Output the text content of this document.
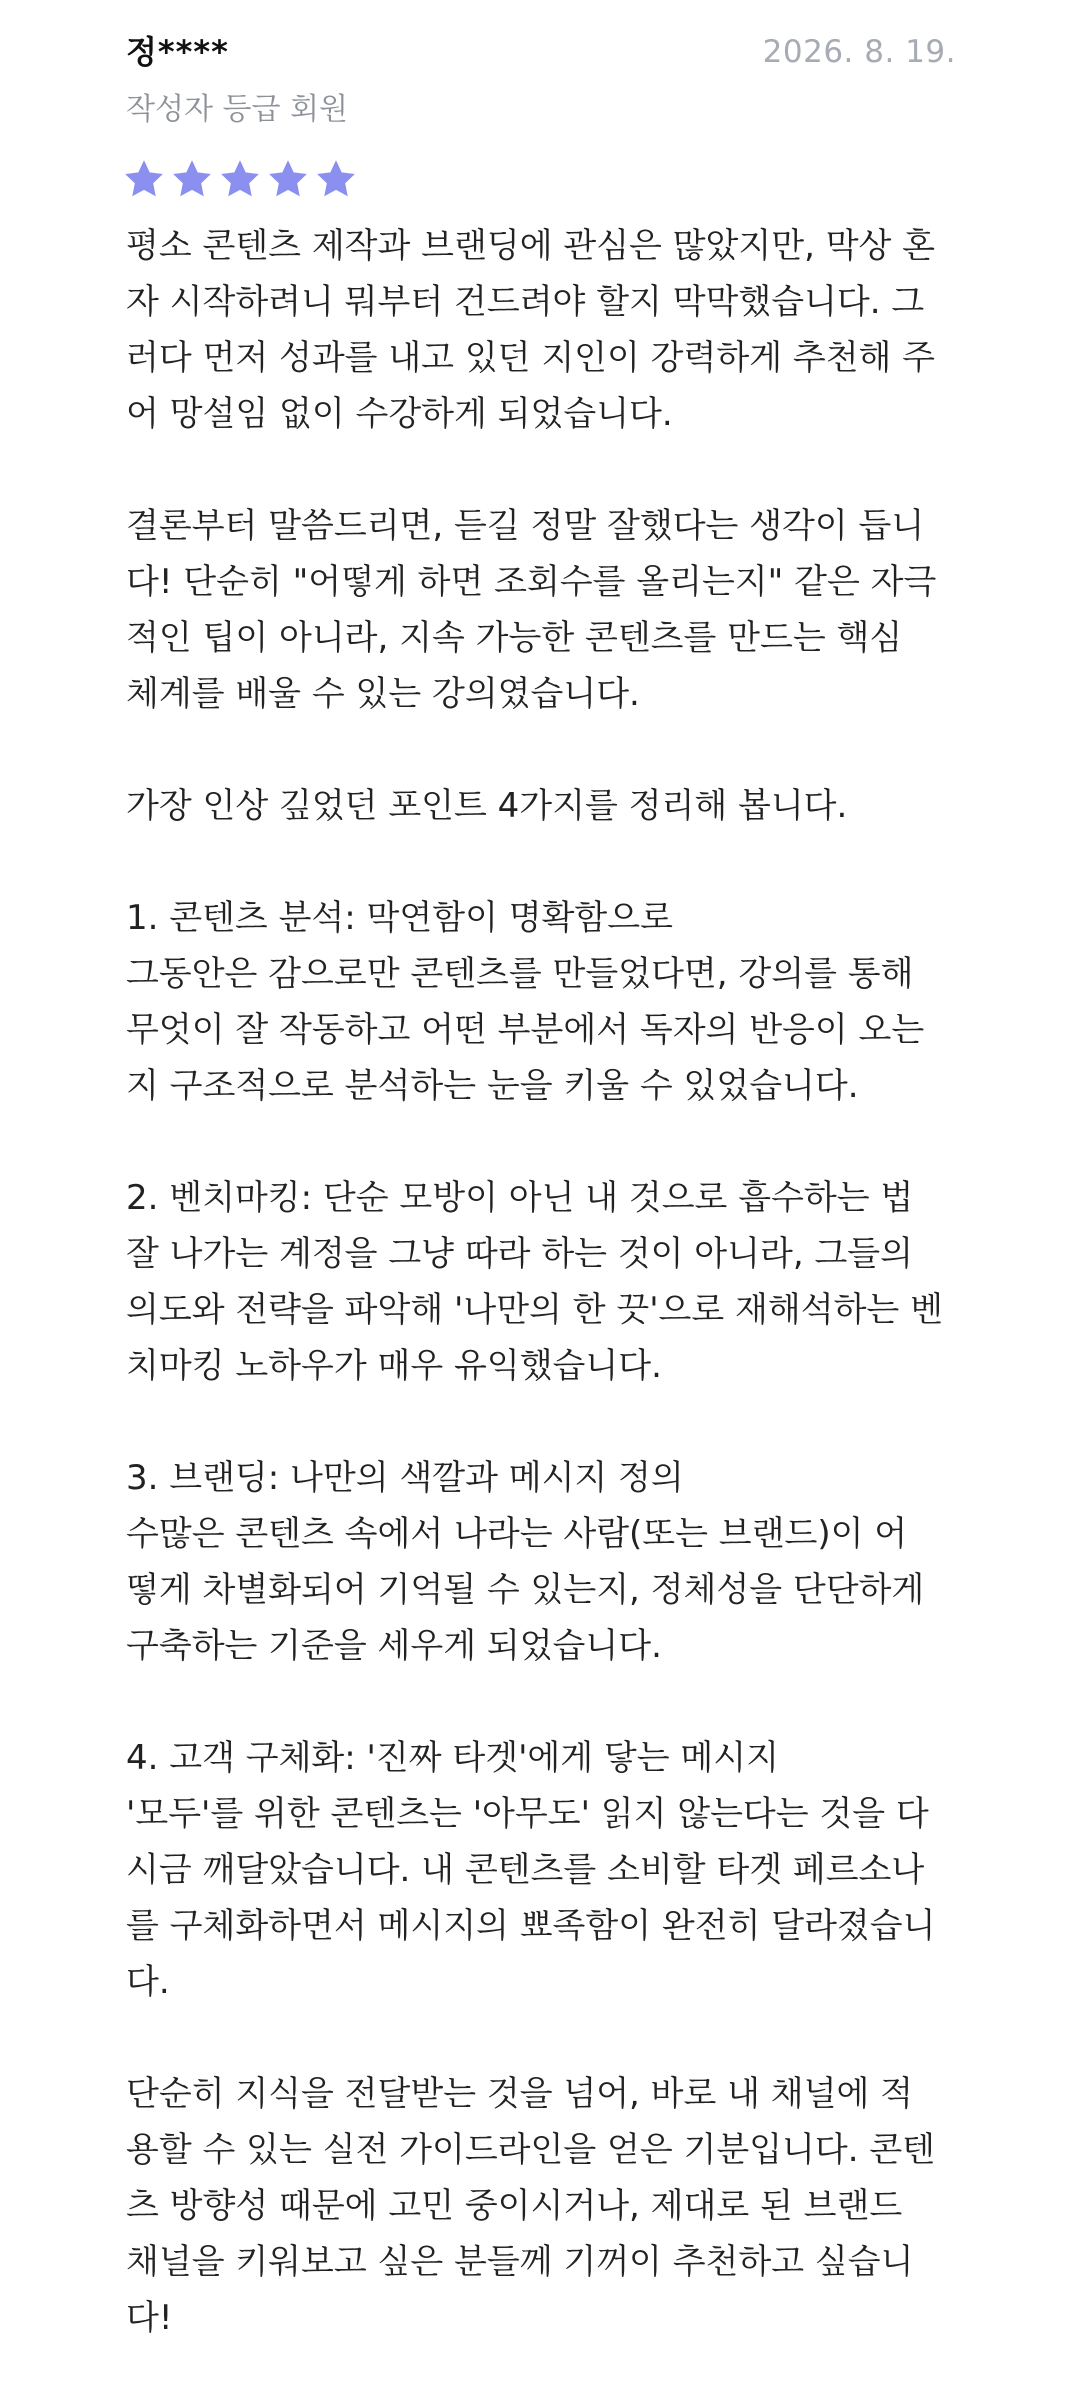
정****	2026. 8. 19.
작성자 등급 회원
평소 콘텐츠 제작과 브랜딩에 관심은 많았지만, 막상 혼
자 시작하려니 뭐부터 건드려야 할지 막막했습니다. 그
러다 먼저 성과를 내고 있던 지인이 강력하게 추천해 주
어 망설임 없이 수강하게 되었습니다.
결론부터 말씀드리면, 듣길 정말 잘했다는 생각이 듭니
다! 단순히 "어떻게 하면 조회수를 올리는지" 같은 자극
적인 팁이 아니라, 지속 가능한 콘텐츠를 만드는 핵심
체계를 배울 수 있는 강의였습니다.
가장 인상 깊었던 포인트 4가지를 정리해 봅니다.
1. 콘텐츠 분석: 막연함이 명확함으로
그동안은 감으로만 콘텐츠를 만들었다면, 강의를 통해
무엇이 잘 작동하고 어떤 부분에서 독자의 반응이 오는
지 구조적으로 분석하는 눈을 키울 수 있었습니다.
2. 벤치마킹: 단순 모방이 아닌 내 것으로 흡수하는 법
잘 나가는 계정을 그냥 따라 하는 것이 아니라, 그들의
의도와 전략을 파악해 '나만의 한 끗'으로 재해석하는 벤
치마킹 노하우가 매우 유익했습니다.
3. 브랜딩: 나만의 색깔과 메시지 정의
수많은 콘텐츠 속에서 나라는 사람(또는 브랜드)이 어
떻게 차별화되어 기억될 수 있는지, 정체성을 단단하게
구축하는 기준을 세우게 되었습니다.
4. 고객 구체화: '진짜 타겟'에게 닿는 메시지
'모두'를 위한 콘텐츠는 '아무도' 읽지 않는다는 것을 다
시금 깨달았습니다. 내 콘텐츠를 소비할 타겟 페르소나
를 구체화하면서 메시지의 뾰족함이 완전히 달라졌습니
다.
단순히 지식을 전달받는 것을 넘어, 바로 내 채널에 적
용할 수 있는 실전 가이드라인을 얻은 기분입니다. 콘텐
츠 방향성 때문에 고민 중이시거나, 제대로 된 브랜드
채널을 키워보고 싶은 분들께 기꺼이 추천하고 싶습니
다!
